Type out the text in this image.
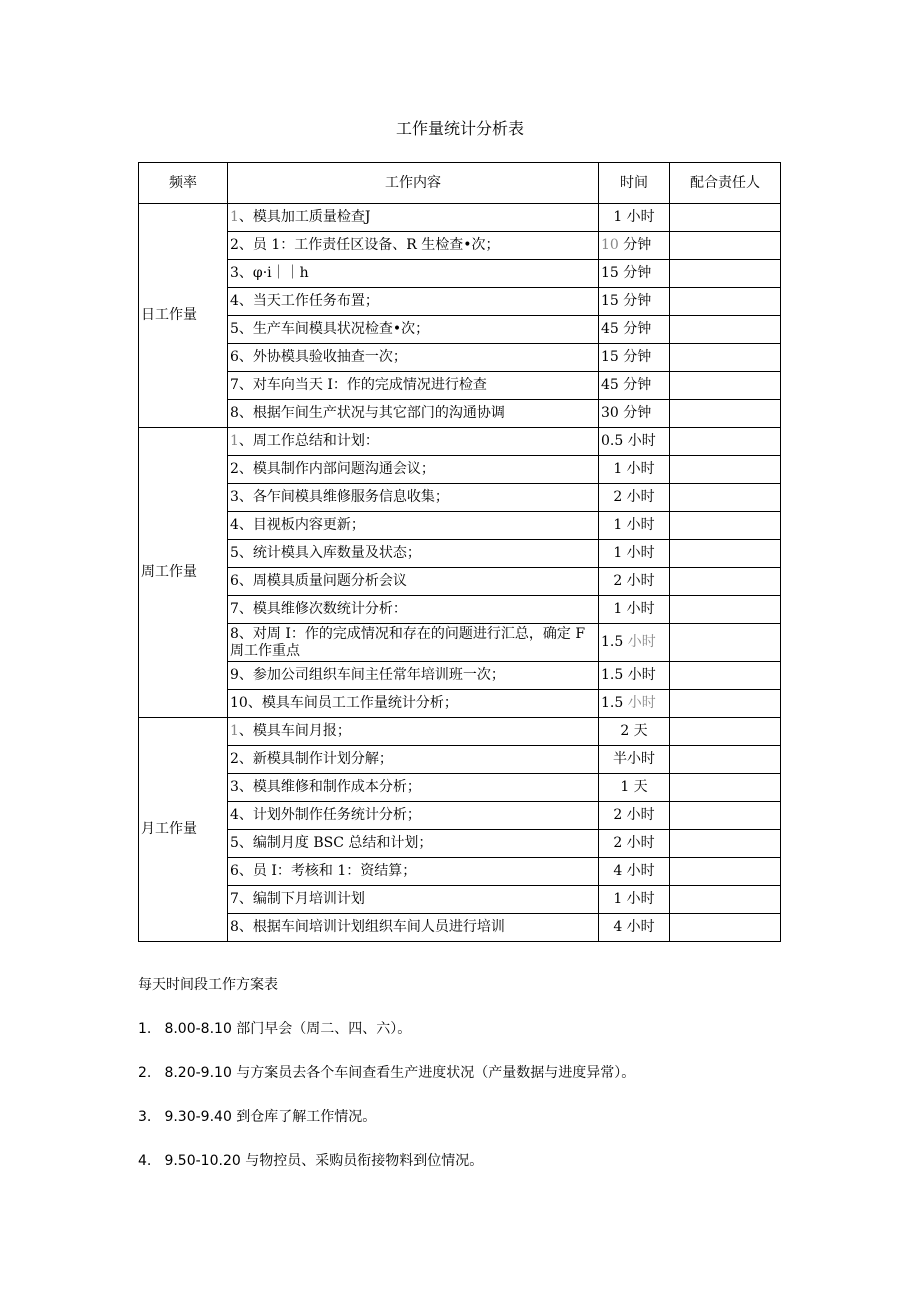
工作量统计分析表
频率	工作内容	时间	配合责任人
日工作量	1、模具加工质量检查J	1 小时	
	2、员 1：工作责任区设备、R 生检查•次；	10 分钟	
	3、φ·i｜｜h	15 分钟	
	4、当天工作任务布置；	15 分钟	
	5、生产车间模具状况检查•次；	45 分钟	
	6、外协模具验收抽查一次；	15 分钟	
	7、对车向当天 I：作的完成情况进行检查	45 分钟	
	8、根据乍间生产状况与其它部门的沟通协调	30 分钟	
周工作量	1、周工作总结和计划：	0.5 小时	
	2、模具制作内部问题沟通会议；	1 小时	
	3、各乍间模具维修服务信息收集；	2 小时	
	4、目视板内容更新；	1 小时	
	5、统计模具入库数量及状态；	1 小时	
	6、周模具质量问题分析会议	2 小时	
	7、模具维修次数统计分析：	1 小时	
	8、对周 I：作的完成情况和存在的问题进行汇总，确定 F 周工作重点	1.5 小时	
	9、参加公司组织车间主任常年培训班一次；	1.5 小时	
	10、模具车间员工工作量统计分析；	1.5 小时	
月工作量	1、模具车间月报；	2 天	
	2、新模具制作计划分解；	半小时	
	3、模具维修和制作成本分析；	1 天	
	4、计划外制作任务统计分析；	2 小时	
	5、编制月度 BSC 总结和计划；	2 小时	
	6、员 I：考核和 1：资结算；	4 小时	
	7、编制下月培训计划	1 小时	
	8、根据车间培训计划组织车间人员进行培训	4 小时	
每天时间段工作方案表
1. 8.00-8.10 部门早会（周二、四、六）。
2. 8.20-9.10 与方案员去各个车间查看生产进度状况（产量数据与进度异常）。
3. 9.30-9.40 到仓库了解工作情况。
4. 9.50-10.20 与物控员、采购员衔接物料到位情况。
